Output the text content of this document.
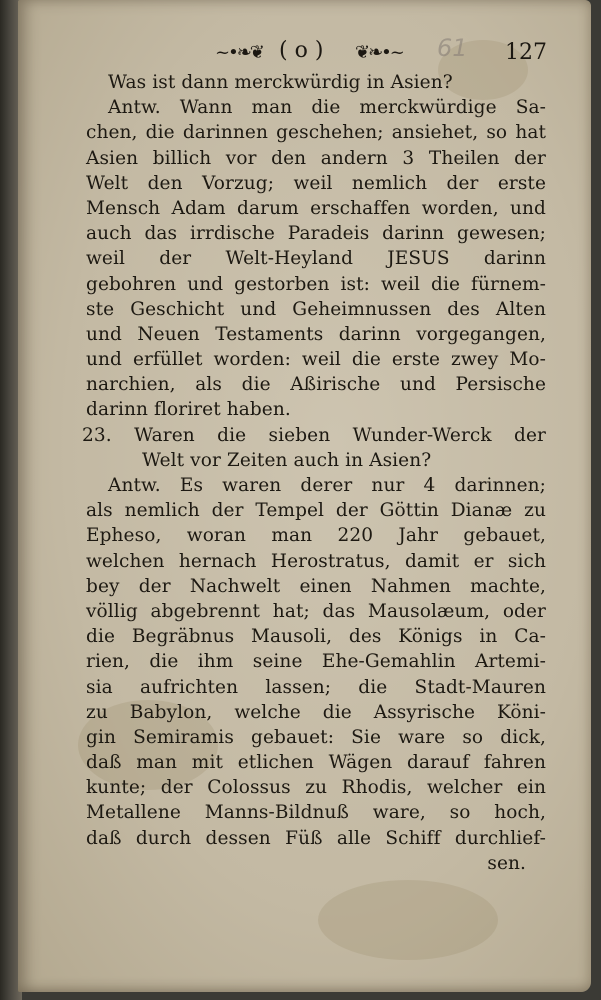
~•❧❦ ( o ) ❦❧•~ 61 127
Was ist dann merckwürdig in Asien?
Antw. Wann man die merckwürdige Sa-
chen, die darinnen geschehen; ansiehet, so hat
Asien billich vor den andern 3 Theilen der
Welt den Vorzug; weil nemlich der erste
Mensch Adam darum erschaffen worden, und
auch das irrdische Paradeis darinn gewesen;
weil der Welt-Heyland JESUS darinn
gebohren und gestorben ist: weil die fürnem-
ste Geschicht und Geheimnussen des Alten
und Neuen Testaments darinn vorgegangen,
und erfüllet worden: weil die erste zwey Mo-
narchien, als die Aßirische und Persische
darinn floriret haben.
23. Waren die sieben Wunder-Werck der
Welt vor Zeiten auch in Asien?
Antw. Es waren derer nur 4 darinnen;
als nemlich der Tempel der Göttin Dianæ zu
Epheso, woran man 220 Jahr gebauet,
welchen hernach Herostratus, damit er sich
bey der Nachwelt einen Nahmen machte,
völlig abgebrennt hat; das Mausolæum, oder
die Begräbnus Mausoli, des Königs in Ca-
rien, die ihm seine Ehe-Gemahlin Artemi-
sia aufrichten lassen; die Stadt-Mauren
zu Babylon, welche die Assyrische Köni-
gin Semiramis gebauet: Sie ware so dick,
daß man mit etlichen Wägen darauf fahren
kunte; der Colossus zu Rhodis, welcher ein
Metallene Manns-Bildnuß ware, so hoch,
daß durch dessen Füß alle Schiff durchlief-
sen.
